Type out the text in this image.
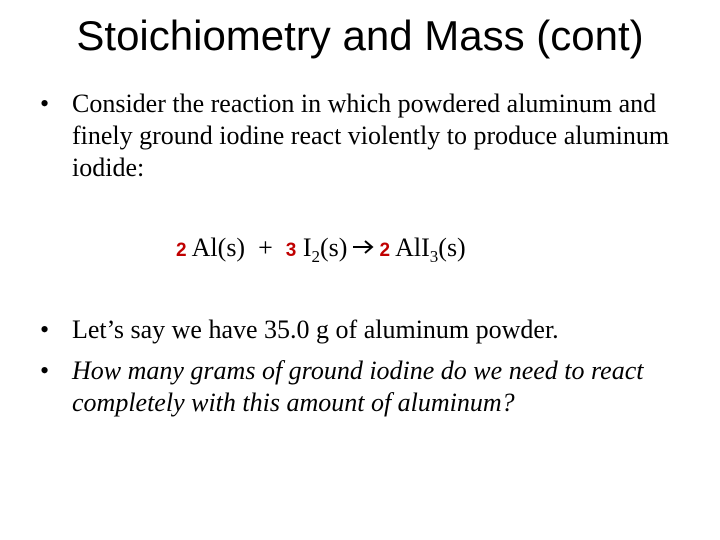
Stoichiometry and Mass (cont)
• Consider the reaction in which powdered aluminum and finely ground iodine react violently to produce aluminum iodide:
2 Al(s) + 3 $I_2(s)$ 2 AlI$_3$(s)
• Let’s say we have 35.0 g of aluminum powder.
• How many grams of ground iodine do we need to react completely with this amount of aluminum?
